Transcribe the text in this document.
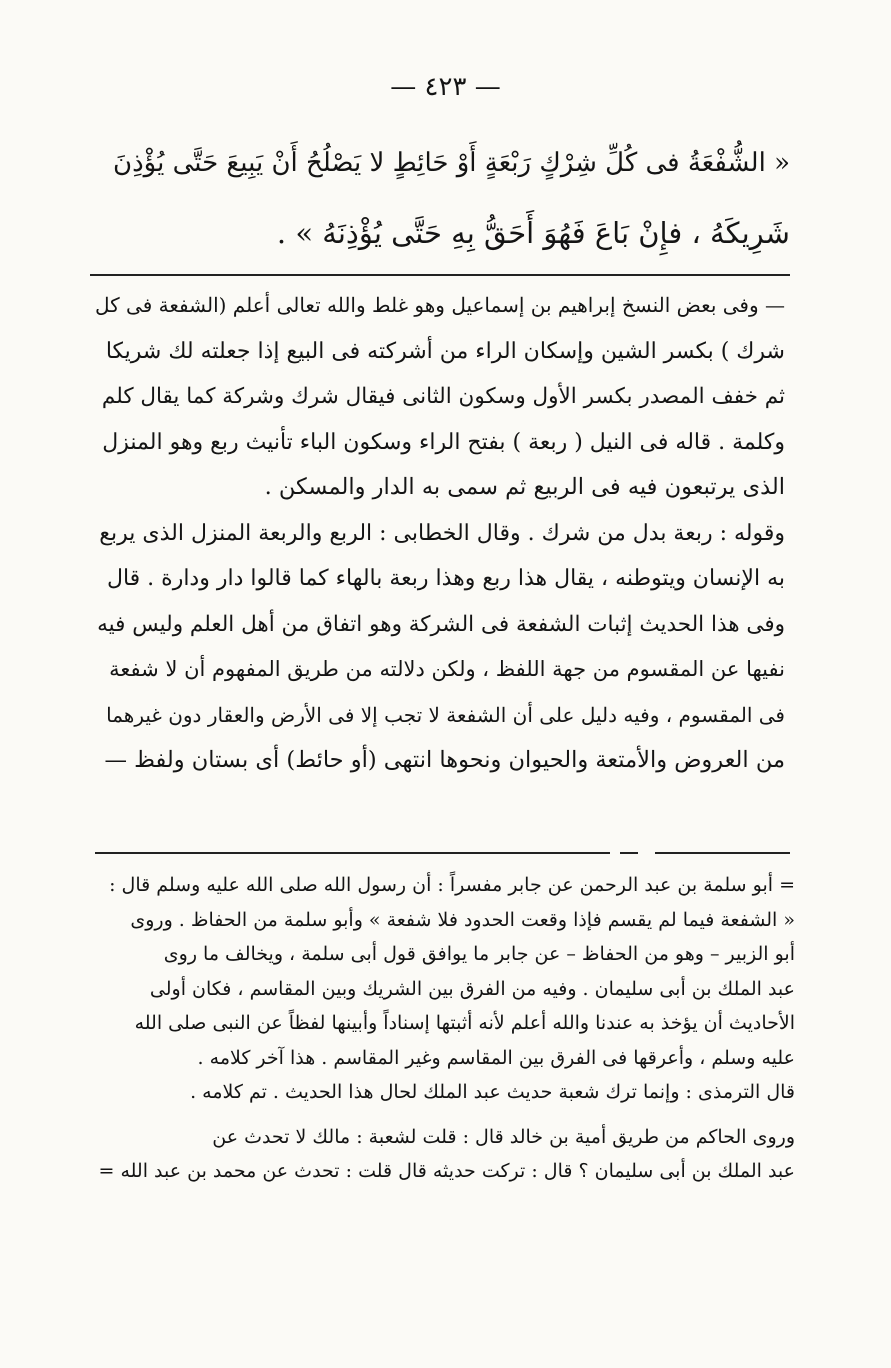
— ٤٢٣ —
« الشُّفْعَةُ فى كُلِّ شِرْكٍ رَبْعَةٍ أَوْ حَائِطٍ لا يَصْلُحُ أَنْ يَبِيعَ حَتَّى يُؤْذِنَ
شَرِيكَهُ ، فإِنْ بَاعَ فَهُوَ أَحَقُّ بِهِ حَتَّى يُؤْذِنَهُ » .
— وفى بعض النسخ إبراهيم بن إسماعيل وهو غلط والله تعالى أعلم (الشفعة فى كل
شرك ) بكسر الشين وإسكان الراء من أشركته فى البيع إذا جعلته لك شريكا
ثم خفف المصدر بكسر الأول وسكون الثانى فيقال شرك وشركة كما يقال كلم
وكلمة . قاله فى النيل ( ربعة ) بفتح الراء وسكون الباء تأنيث ربع وهو المنزل
الذى يرتبعون فيه فى الربيع ثم سمى به الدار والمسكن .
وقوله : ربعة بدل من شرك . وقال الخطابى : الربع والربعة المنزل الذى يربع
به الإنسان ويتوطنه ، يقال هذا ربع وهذا ربعة بالهاء كما قالوا دار ودارة . قال
وفى هذا الحديث إثبات الشفعة فى الشركة وهو اتفاق من أهل العلم وليس فيه
نفيها عن المقسوم من جهة اللفظ ، ولكن دلالته من طريق المفهوم أن لا شفعة
فى المقسوم ، وفيه دليل على أن الشفعة لا تجب إلا فى الأرض والعقار دون غيرهما
من العروض والأمتعة والحيوان ونحوها انتهى (أو حائط) أى بستان ولفظ —
= أبو سلمة بن عبد الرحمن عن جابر مفسراً : أن رسول الله صلى الله عليه وسلم قال :
« الشفعة فيما لم يقسم فإذا وقعت الحدود فلا شفعة » وأبو سلمة من الحفاظ . وروى
أبو الزبير – وهو من الحفاظ – عن جابر ما يوافق قول أبى سلمة ، ويخالف ما روى
عبد الملك بن أبى سليمان . وفيه من الفرق بين الشريك وبين المقاسم ، فكان أولى
الأحاديث أن يؤخذ به عندنا والله أعلم لأنه أثبتها إسناداً وأبينها لفظاً عن النبى صلى الله
عليه وسلم ، وأعرقها فى الفرق بين المقاسم وغير المقاسم . هذا آخر كلامه .
قال الترمذى : وإنما ترك شعبة حديث عبد الملك لحال هذا الحديث . تم كلامه .
وروى الحاكم من طريق أمية بن خالد قال : قلت لشعبة : مالك لا تحدث عن
عبد الملك بن أبى سليمان ؟ قال : تركت حديثه قال قلت : تحدث عن محمد بن عبد الله =
